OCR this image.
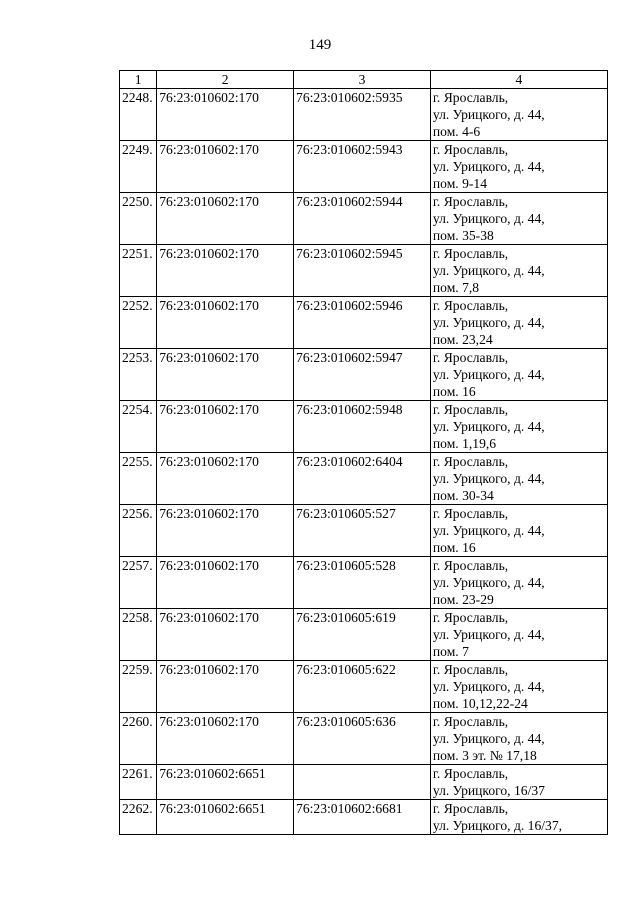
149
1	2	3	4
2248.	76:23:010602:170	76:23:010602:5935	г. Ярославль,
ул. Урицкого, д. 44,
пом. 4-6

2249.	76:23:010602:170	76:23:010602:5943	г. Ярославль,
ул. Урицкого, д. 44,
пом. 9-14

2250.	76:23:010602:170	76:23:010602:5944	г. Ярославль,
ул. Урицкого, д. 44,
пом. 35-38

2251.	76:23:010602:170	76:23:010602:5945	г. Ярославль,
ул. Урицкого, д. 44,
пом. 7,8

2252.	76:23:010602:170	76:23:010602:5946	г. Ярославль,
ул. Урицкого, д. 44,
пом. 23,24

2253.	76:23:010602:170	76:23:010602:5947	г. Ярославль,
ул. Урицкого, д. 44,
пом. 16

2254.	76:23:010602:170	76:23:010602:5948	г. Ярославль,
ул. Урицкого, д. 44,
пом. 1,19,6

2255.	76:23:010602:170	76:23:010602:6404	г. Ярославль,
ул. Урицкого, д. 44,
пом. 30-34

2256.	76:23:010602:170	76:23:010605:527	г. Ярославль,
ул. Урицкого, д. 44,
пом. 16

2257.	76:23:010602:170	76:23:010605:528	г. Ярославль,
ул. Урицкого, д. 44,
пом. 23-29

2258.	76:23:010602:170	76:23:010605:619	г. Ярославль,
ул. Урицкого, д. 44,
пом. 7

2259.	76:23:010602:170	76:23:010605:622	г. Ярославль,
ул. Урицкого, д. 44,
пом. 10,12,22-24

2260.	76:23:010602:170	76:23:010605:636	г. Ярославль,
ул. Урицкого, д. 44,
пом. 3 эт. № 17,18

2261.	76:23:010602:6651		г. Ярославль,
ул. Урицкого, 16/37

2262.	76:23:010602:6651	76:23:010602:6681	г. Ярославль,
ул. Урицкого, д. 16/37,
